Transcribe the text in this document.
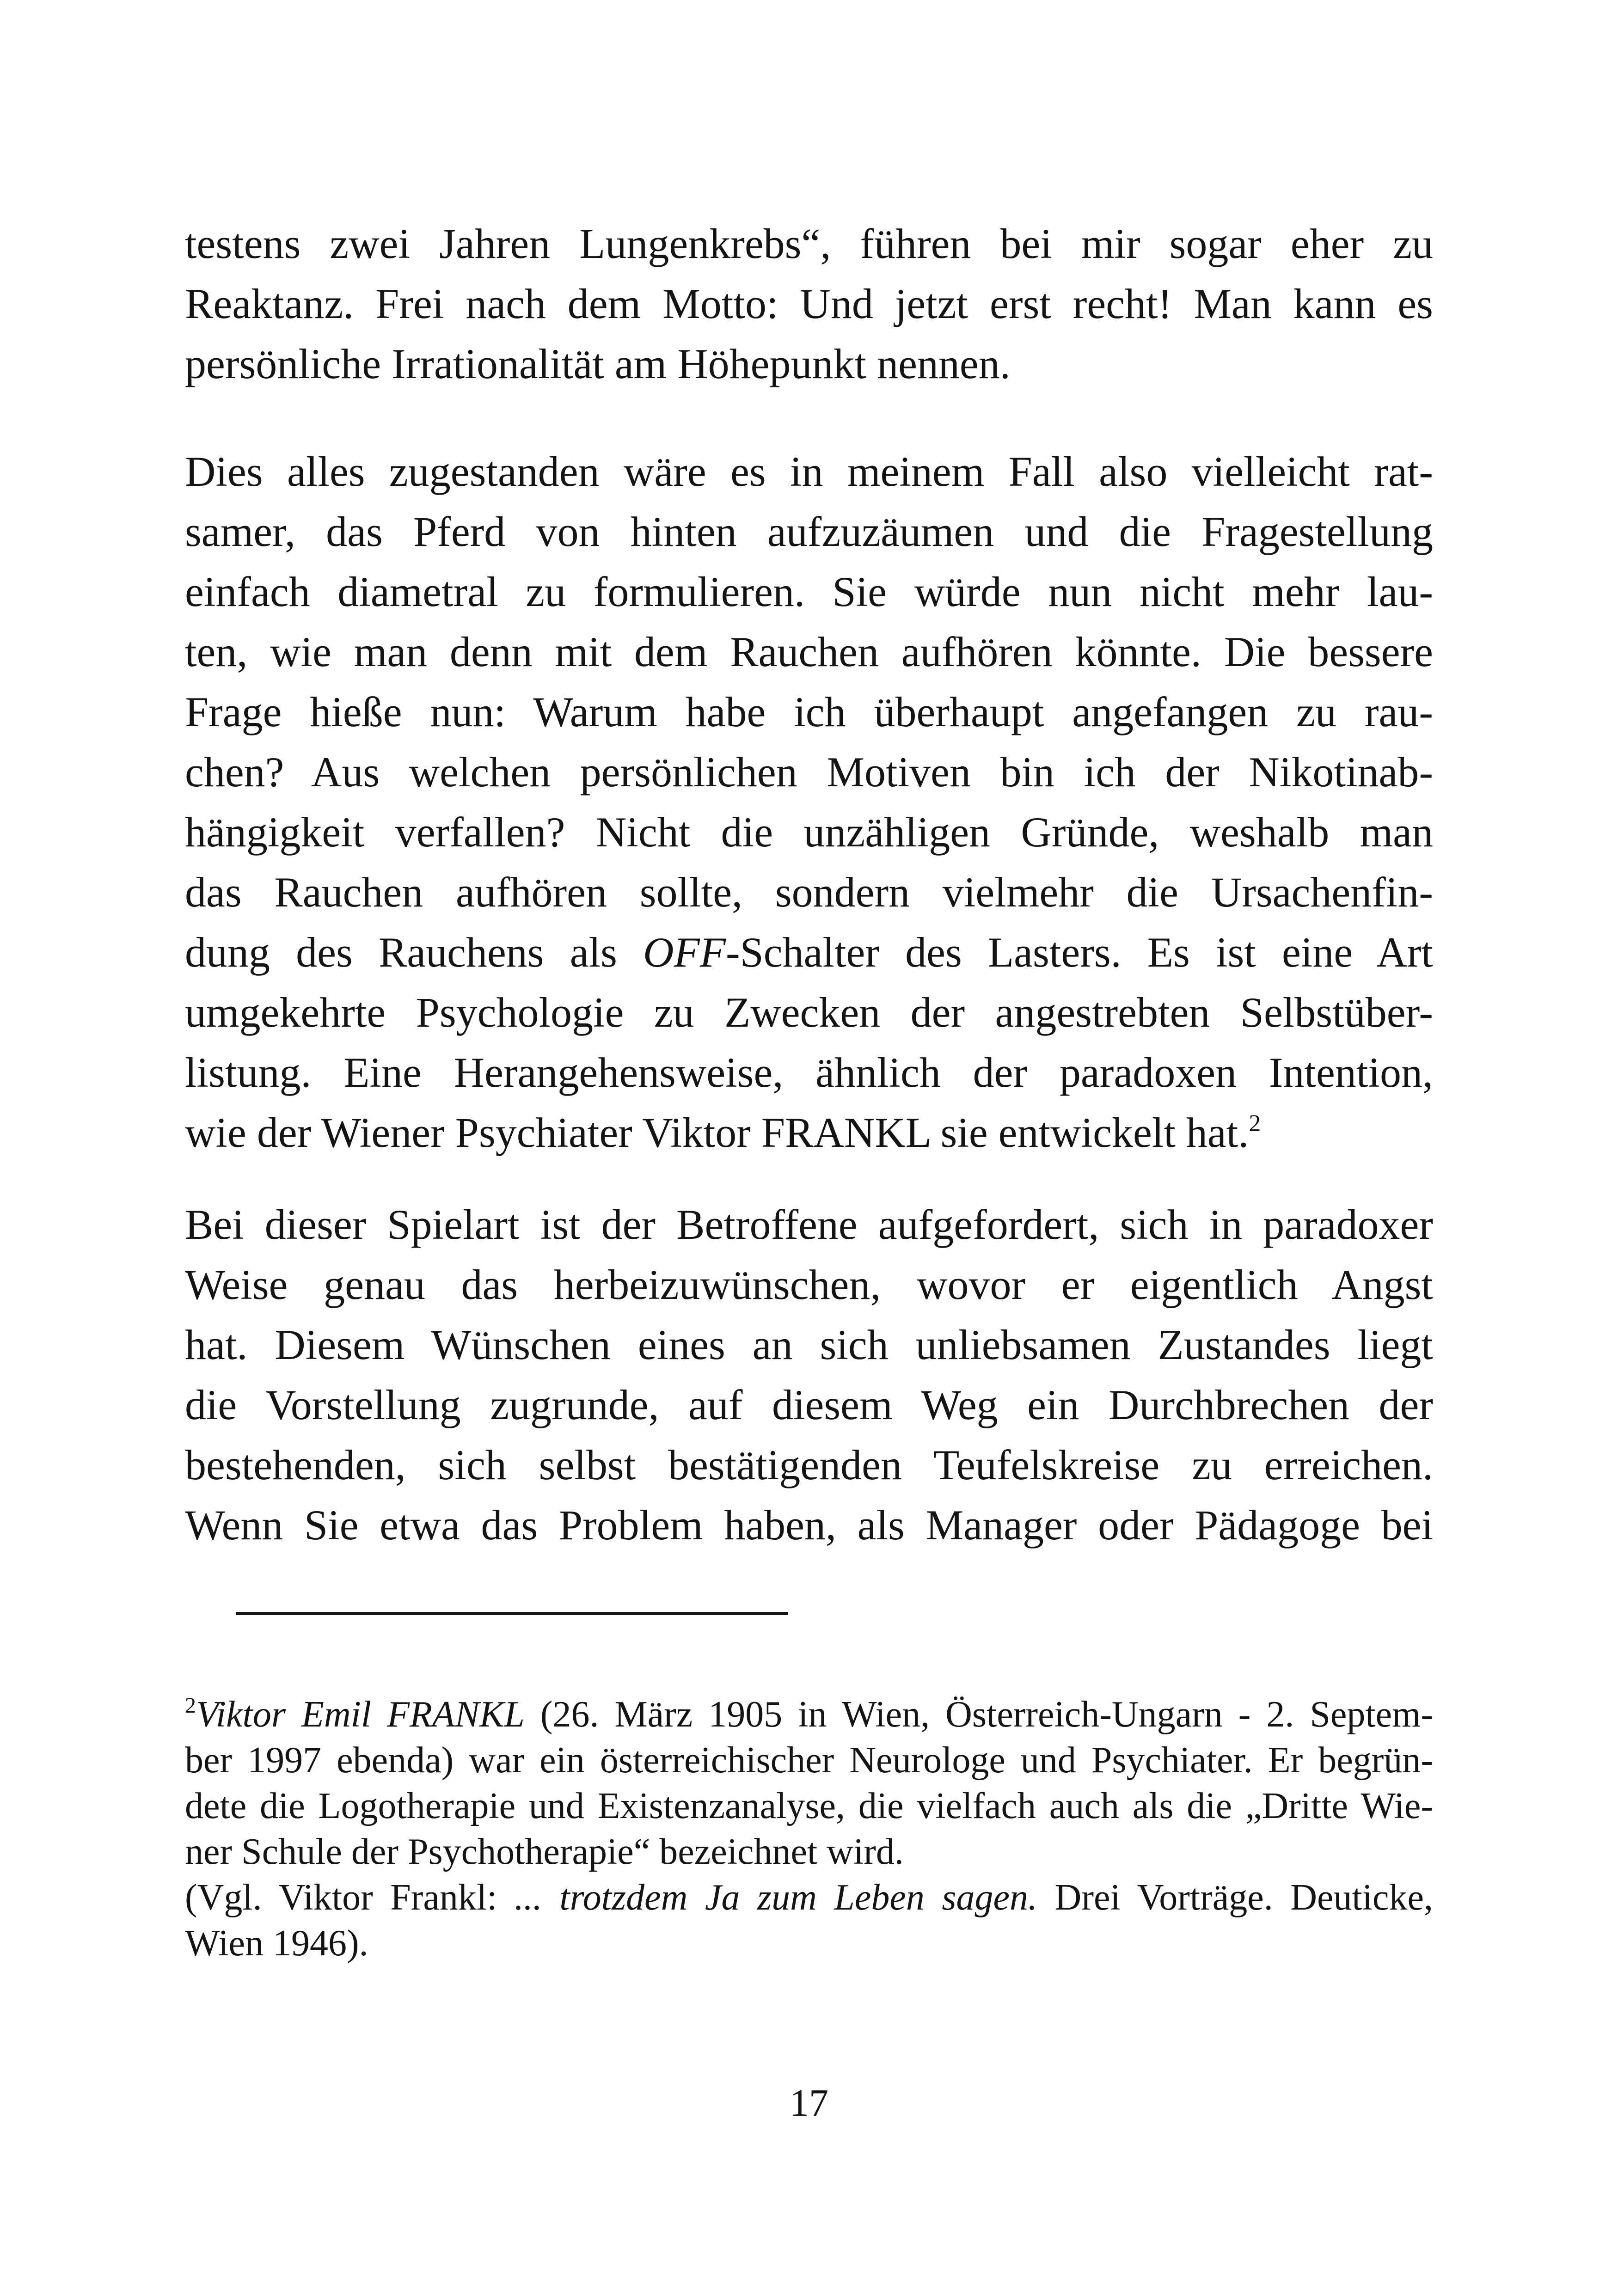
testens zwei Jahren Lungenkrebs“, führen bei mir sogar eher zu
Reaktanz. Frei nach dem Motto: Und jetzt erst recht! Man kann es
persönliche Irrationalität am Höhepunkt nennen.

Dies alles zugestanden wäre es in meinem Fall also vielleicht rat-
samer, das Pferd von hinten aufzuzäumen und die Fragestellung
einfach diametral zu formulieren. Sie würde nun nicht mehr lau-
ten, wie man denn mit dem Rauchen aufhören könnte. Die bessere
Frage hieße nun: Warum habe ich überhaupt angefangen zu rau-
chen? Aus welchen persönlichen Motiven bin ich der Nikotinab-
hängigkeit verfallen? Nicht die unzähligen Gründe, weshalb man
das Rauchen aufhören sollte, sondern vielmehr die Ursachenfin-
dung des Rauchens als OFF-Schalter des Lasters. Es ist eine Art
umgekehrte Psychologie zu Zwecken der angestrebten Selbstüber-
listung. Eine Herangehensweise, ähnlich der paradoxen Intention,
wie der Wiener Psychiater Viktor FRANKL sie entwickelt hat.$^2$

Bei dieser Spielart ist der Betroffene aufgefordert, sich in paradoxer
Weise genau das herbeizuwünschen, wovor er eigentlich Angst
hat. Diesem Wünschen eines an sich unliebsamen Zustandes liegt
die Vorstellung zugrunde, auf diesem Weg ein Durchbrechen der
bestehenden, sich selbst bestätigenden Teufelskreise zu erreichen.
Wenn Sie etwa das Problem haben, als Manager oder Pädagoge bei

$^2$Viktor Emil FRANKL (26. März 1905 in Wien, Österreich-Ungarn - 2. Septem-
ber 1997 ebenda) war ein österreichischer Neurologe und Psychiater. Er begrün-
dete die Logotherapie und Existenzanalyse, die vielfach auch als die „Dritte Wie-
ner Schule der Psychotherapie“ bezeichnet wird.
(Vgl. Viktor Frankl: ... trotzdem Ja zum Leben sagen. Drei Vorträge. Deuticke,
Wien 1946).
17
